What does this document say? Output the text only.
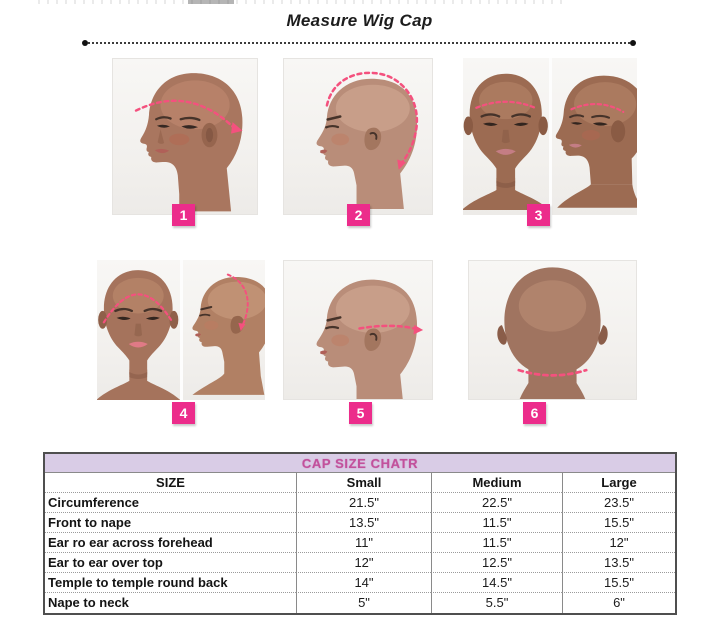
Measure Wig Cap
1	2	3
4	5	6
CAP SIZE CHATR
SIZE	Small	Medium	Large
Circumference	21.5"	22.5"	23.5"
Front to nape	13.5"	11.5"	15.5"
Ear ro ear across forehead	11"	11.5"	12"
Ear to ear over top	12"	12.5"	13.5"
Temple to temple round back	14"	14.5"	15.5"
Nape to neck	5"	5.5"	6"
